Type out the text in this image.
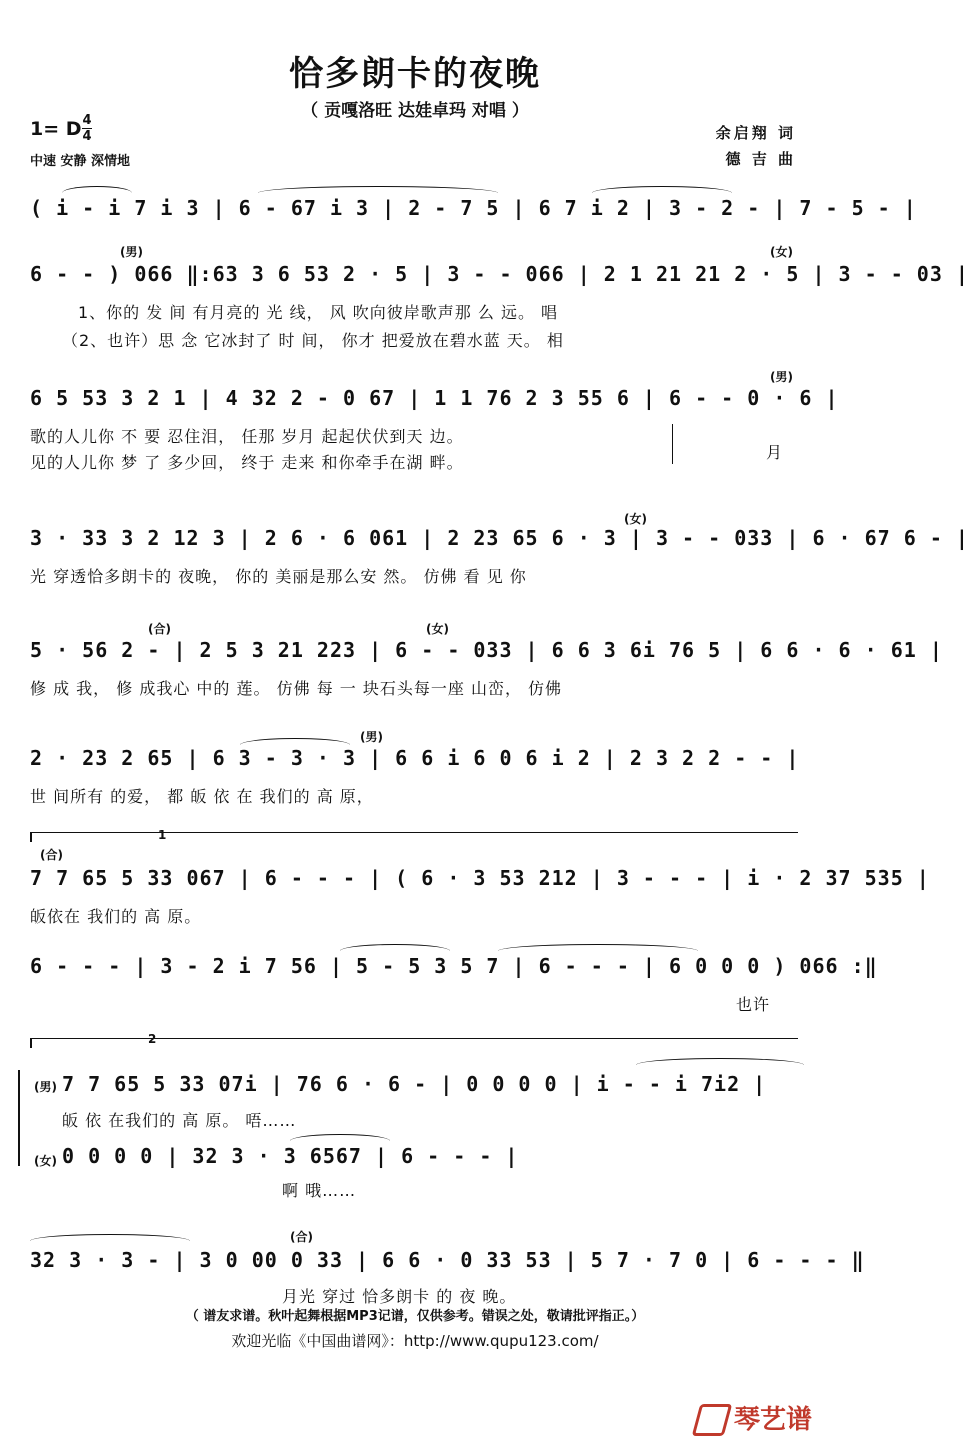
恰多朗卡的夜晚
（ 贡嘎洛旺 达娃卓玛 对唱 ）
1= D 4
4
中速 安静 深情地
余启翔 词
德 吉 曲
( i - i 7 i 3 | 6 - 67 i 3 | 2 - 7 5 | 6 7 i 2 | 3 - 2 - | 7 - 5 - |
(男)	(女)
6 - - ) 066 ‖:63 3 6 53 2 · 5 | 3 - - 066 | 2 1 21 21 2 · 5 | 3 - - 03 |
1、你的 发 间 有月亮的 光 线， 风 吹向彼岸歌声那 么 远。 唱
（2、也许）思 念 它冰封了 时 间， 你才 把爱放在碧水蓝 天。 相
(男)
6 5 53 3 2 1 | 4 32 2 - 0 67 | 1 1 76 2 3 55 6 | 6 - - 0 · 6 |
歌的人儿你 不 要 忍住泪， 任那 岁月 起起伏伏到天 边。
见的人儿你 梦 了 多少回， 终于 走来 和你牵手在湖 畔。
月
(女)
3 · 33 3 2 12 3 | 2 6 · 6 061 | 2 23 65 6 · 3 | 3 - - 033 | 6 · 67 6 - |
光 穿透恰多朗卡的 夜晚， 你的 美丽是那么安 然。 仿佛 看 见 你
(合)	(女)
5 · 56 2 - | 2 5 3 21 223 | 6 - - 033 | 6 6 3 6i 76 5 | 6 6 · 6 · 61 |
修 成 我， 修 成我心 中的 莲。 仿佛 每 一 块石头每一座 山峦， 仿佛
(男)
2 · 23 2 65 | 6 3 - 3 · 3 | 6 6 i 6 0 6 i 2 | 2 3 2 2 - - |
世 间所有 的爱， 都 皈 依 在 我们的 高 原，
1
(合)
7 7 65 5 33 067 | 6 - - - | ( 6 · 3 53 212 | 3 - - - | i · 2 37 535 |
皈依在 我们的 高 原。
6 - - - | 3 - 2 i 7 56 | 5 - 5 3 5 7 | 6 - - - | 6 0 0 0 ) 066 :‖
也许
2
(男) 7 7 65 5 33 07i | 76 6 · 6 - | 0 0 0 0 | i - - i 7i2 |
皈 依 在我们的 高 原。 唔……
(女) 0 0 0 0 | 32 3 · 3 6567 | 6 - - - |
啊 哦……
(合)
32 3 · 3 - | 3 0 00 0 33 | 6 6 · 0 33 53 | 5 7 · 7 0 | 6 - - - ‖
月光 穿过 恰多朗卡 的 夜 晚。
（ 谱友求谱。秋叶起舞根据MP3记谱，仅供参考。错误之处，敬请批评指正。）
欢迎光临《中国曲谱网》：http://www.qupu123.com/
琴艺谱
